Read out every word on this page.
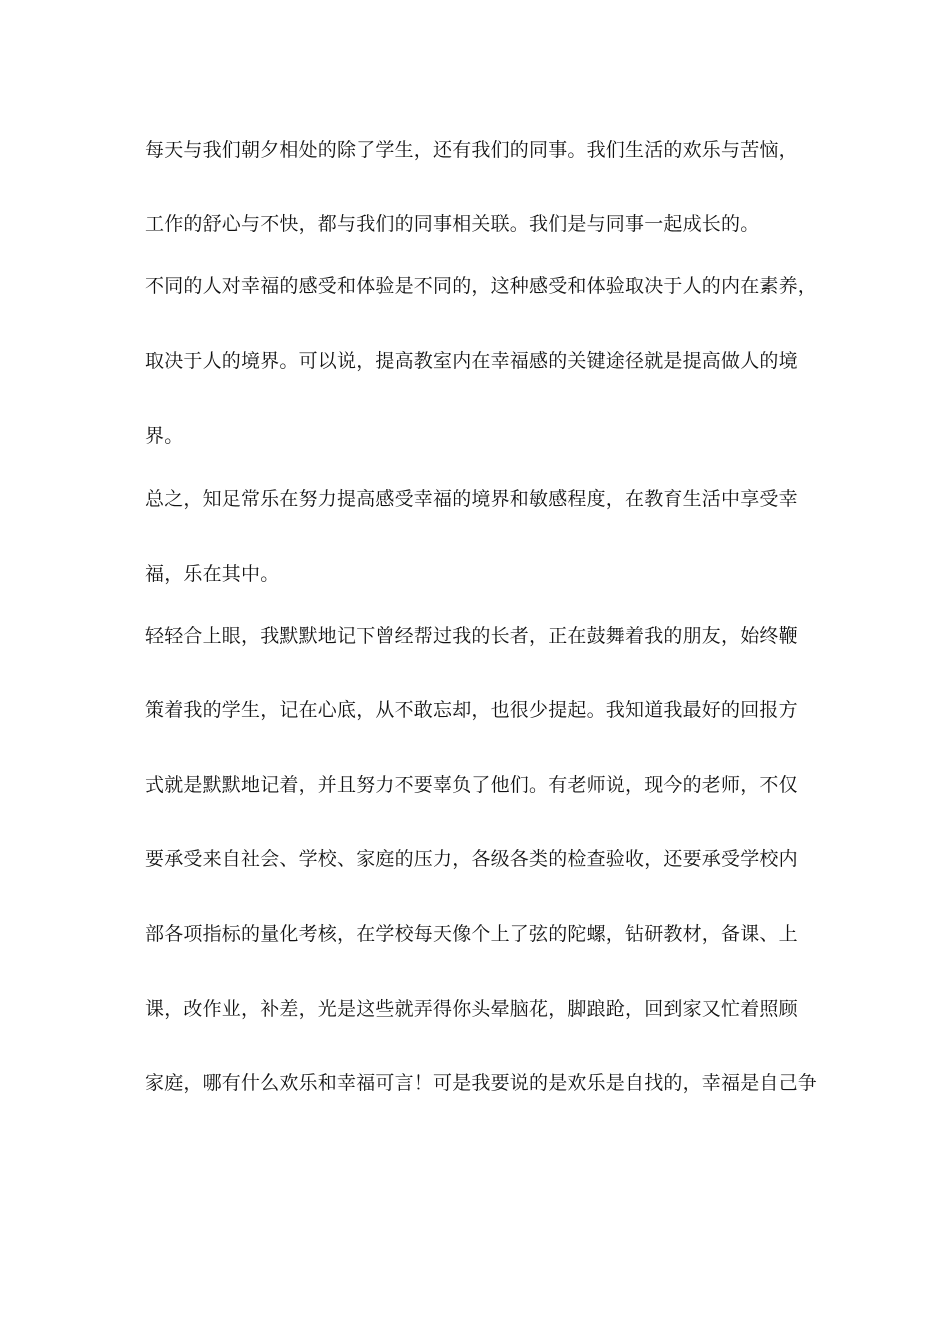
每天与我们朝夕相处的除了学生，还有我们的同事。我们生活的欢乐与苦恼，

工作的舒心与不快，都与我们的同事相关联。我们是与同事一起成长的。

不同的人对幸福的感受和体验是不同的，这种感受和体验取决于人的内在素养，

取决于人的境界。可以说，提高教室内在幸福感的关键途径就是提高做人的境

界。

总之，知足常乐在努力提高感受幸福的境界和敏感程度，在教育生活中享受幸

福，乐在其中。

轻轻合上眼，我默默地记下曾经帮过我的长者，正在鼓舞着我的朋友，始终鞭

策着我的学生，记在心底，从不敢忘却，也很少提起。我知道我最好的回报方

式就是默默地记着，并且努力不要辜负了他们。有老师说，现今的老师，不仅

要承受来自社会、学校、家庭的压力，各级各类的检查验收，还要承受学校内

部各项指标的量化考核，在学校每天像个上了弦的陀螺，钻研教材，备课、上

课，改作业，补差，光是这些就弄得你头晕脑花，脚踉跄，回到家又忙着照顾

家庭，哪有什么欢乐和幸福可言！可是我要说的是欢乐是自找的，幸福是自己争
